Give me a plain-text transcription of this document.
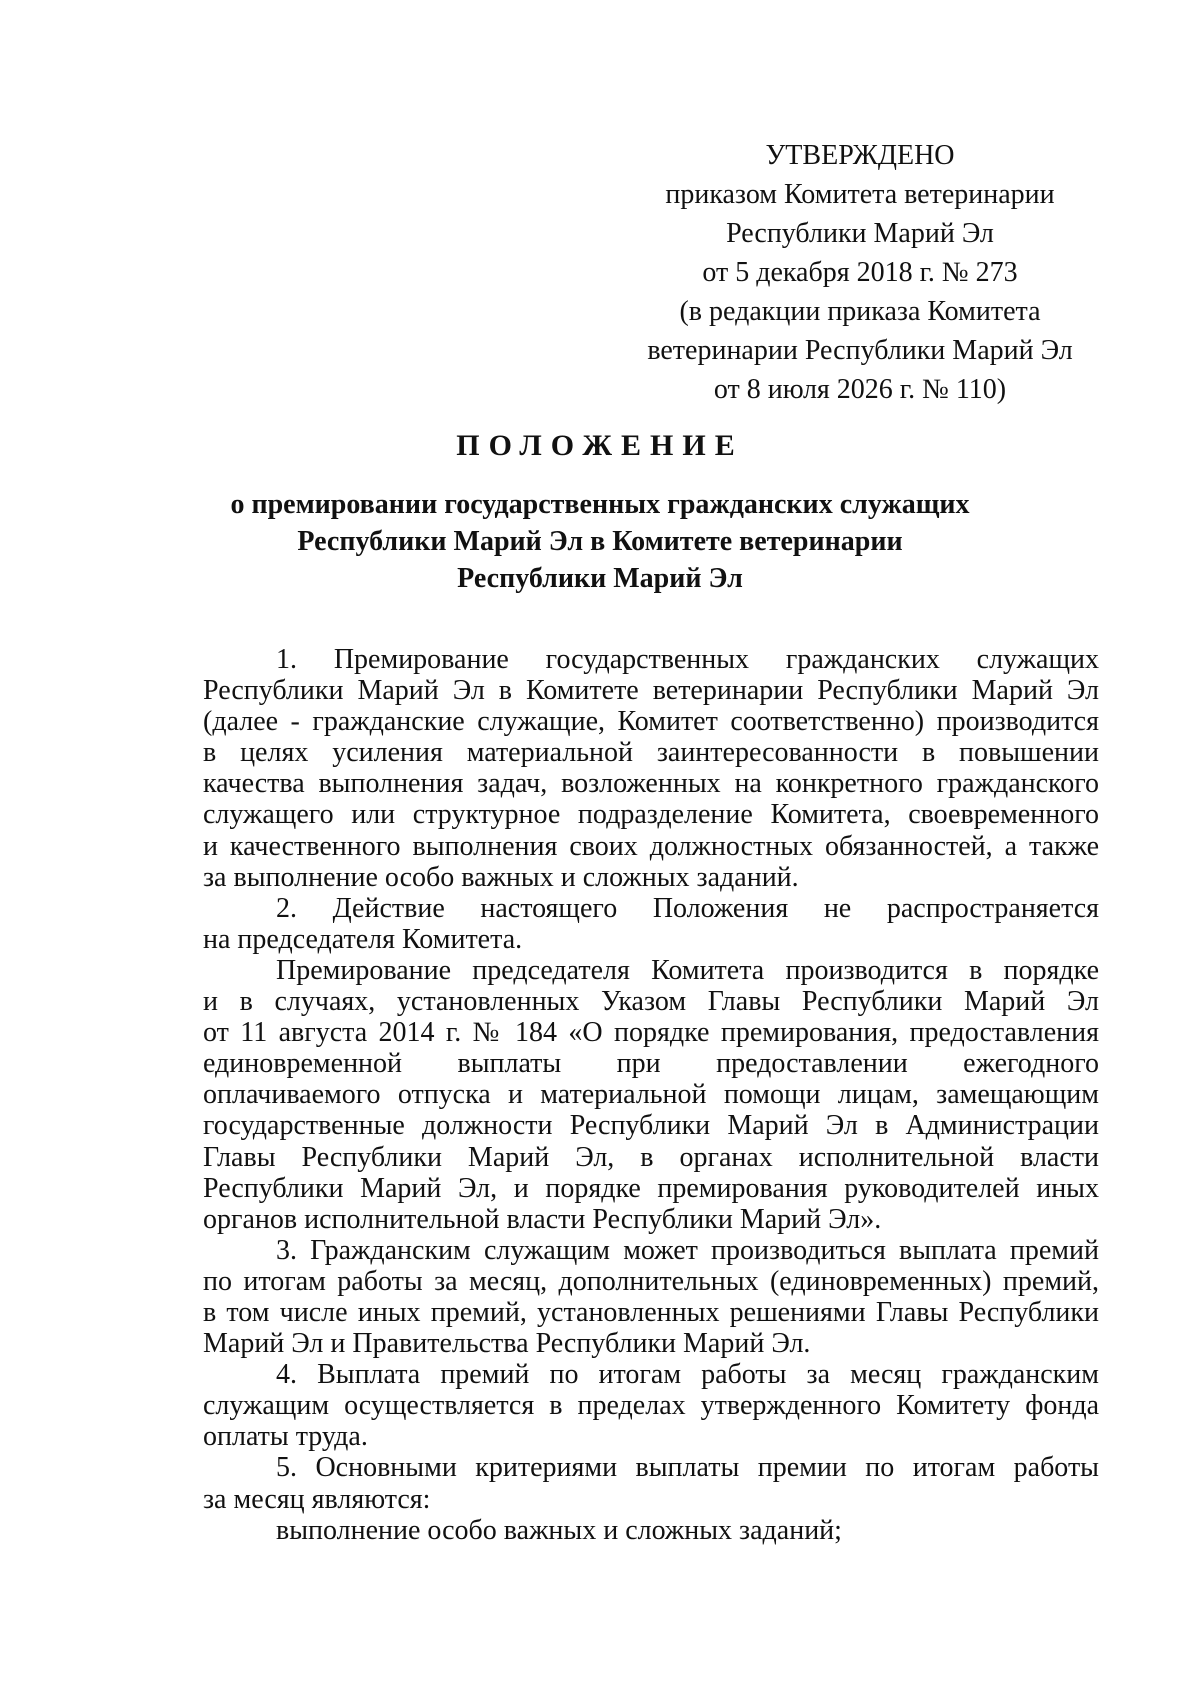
УТВЕРЖДЕНО
приказом Комитета ветеринарии
Республики Марий Эл
от 5 декабря 2018 г. № 273
(в редакции приказа Комитета
ветеринарии Республики Марий Эл
от 8 июля 2026 г. № 110)
ПОЛОЖЕНИЕ
о премировании государственных гражданских служащих
Республики Марий Эл в Комитете ветеринарии
Республики Марий Эл
1. Премирование государственных гражданских служащих
Республики Марий Эл в Комитете ветеринарии Республики Марий Эл
(далее - гражданские служащие, Комитет соответственно) производится
в целях усиления материальной заинтересованности в повышении
качества выполнения задач, возложенных на конкретного гражданского
служащего или структурное подразделение Комитета, своевременного
и качественного выполнения своих должностных обязанностей, а также
за выполнение особо важных и сложных заданий.
2. Действие настоящего Положения не распространяется
на председателя Комитета.
Премирование председателя Комитета производится в порядке
и в случаях, установленных Указом Главы Республики Марий Эл
от 11 августа 2014 г. № 184 «О порядке премирования, предоставления
единовременной выплаты при предоставлении ежегодного
оплачиваемого отпуска и материальной помощи лицам, замещающим
государственные должности Республики Марий Эл в Администрации
Главы Республики Марий Эл, в органах исполнительной власти
Республики Марий Эл, и порядке премирования руководителей иных
органов исполнительной власти Республики Марий Эл».
3. Гражданским служащим может производиться выплата премий
по итогам работы за месяц, дополнительных (единовременных) премий,
в том числе иных премий, установленных решениями Главы Республики
Марий Эл и Правительства Республики Марий Эл.
4. Выплата премий по итогам работы за месяц гражданским
служащим осуществляется в пределах утвержденного Комитету фонда
оплаты труда.
5. Основными критериями выплаты премии по итогам работы
за месяц являются:
выполнение особо важных и сложных заданий;
